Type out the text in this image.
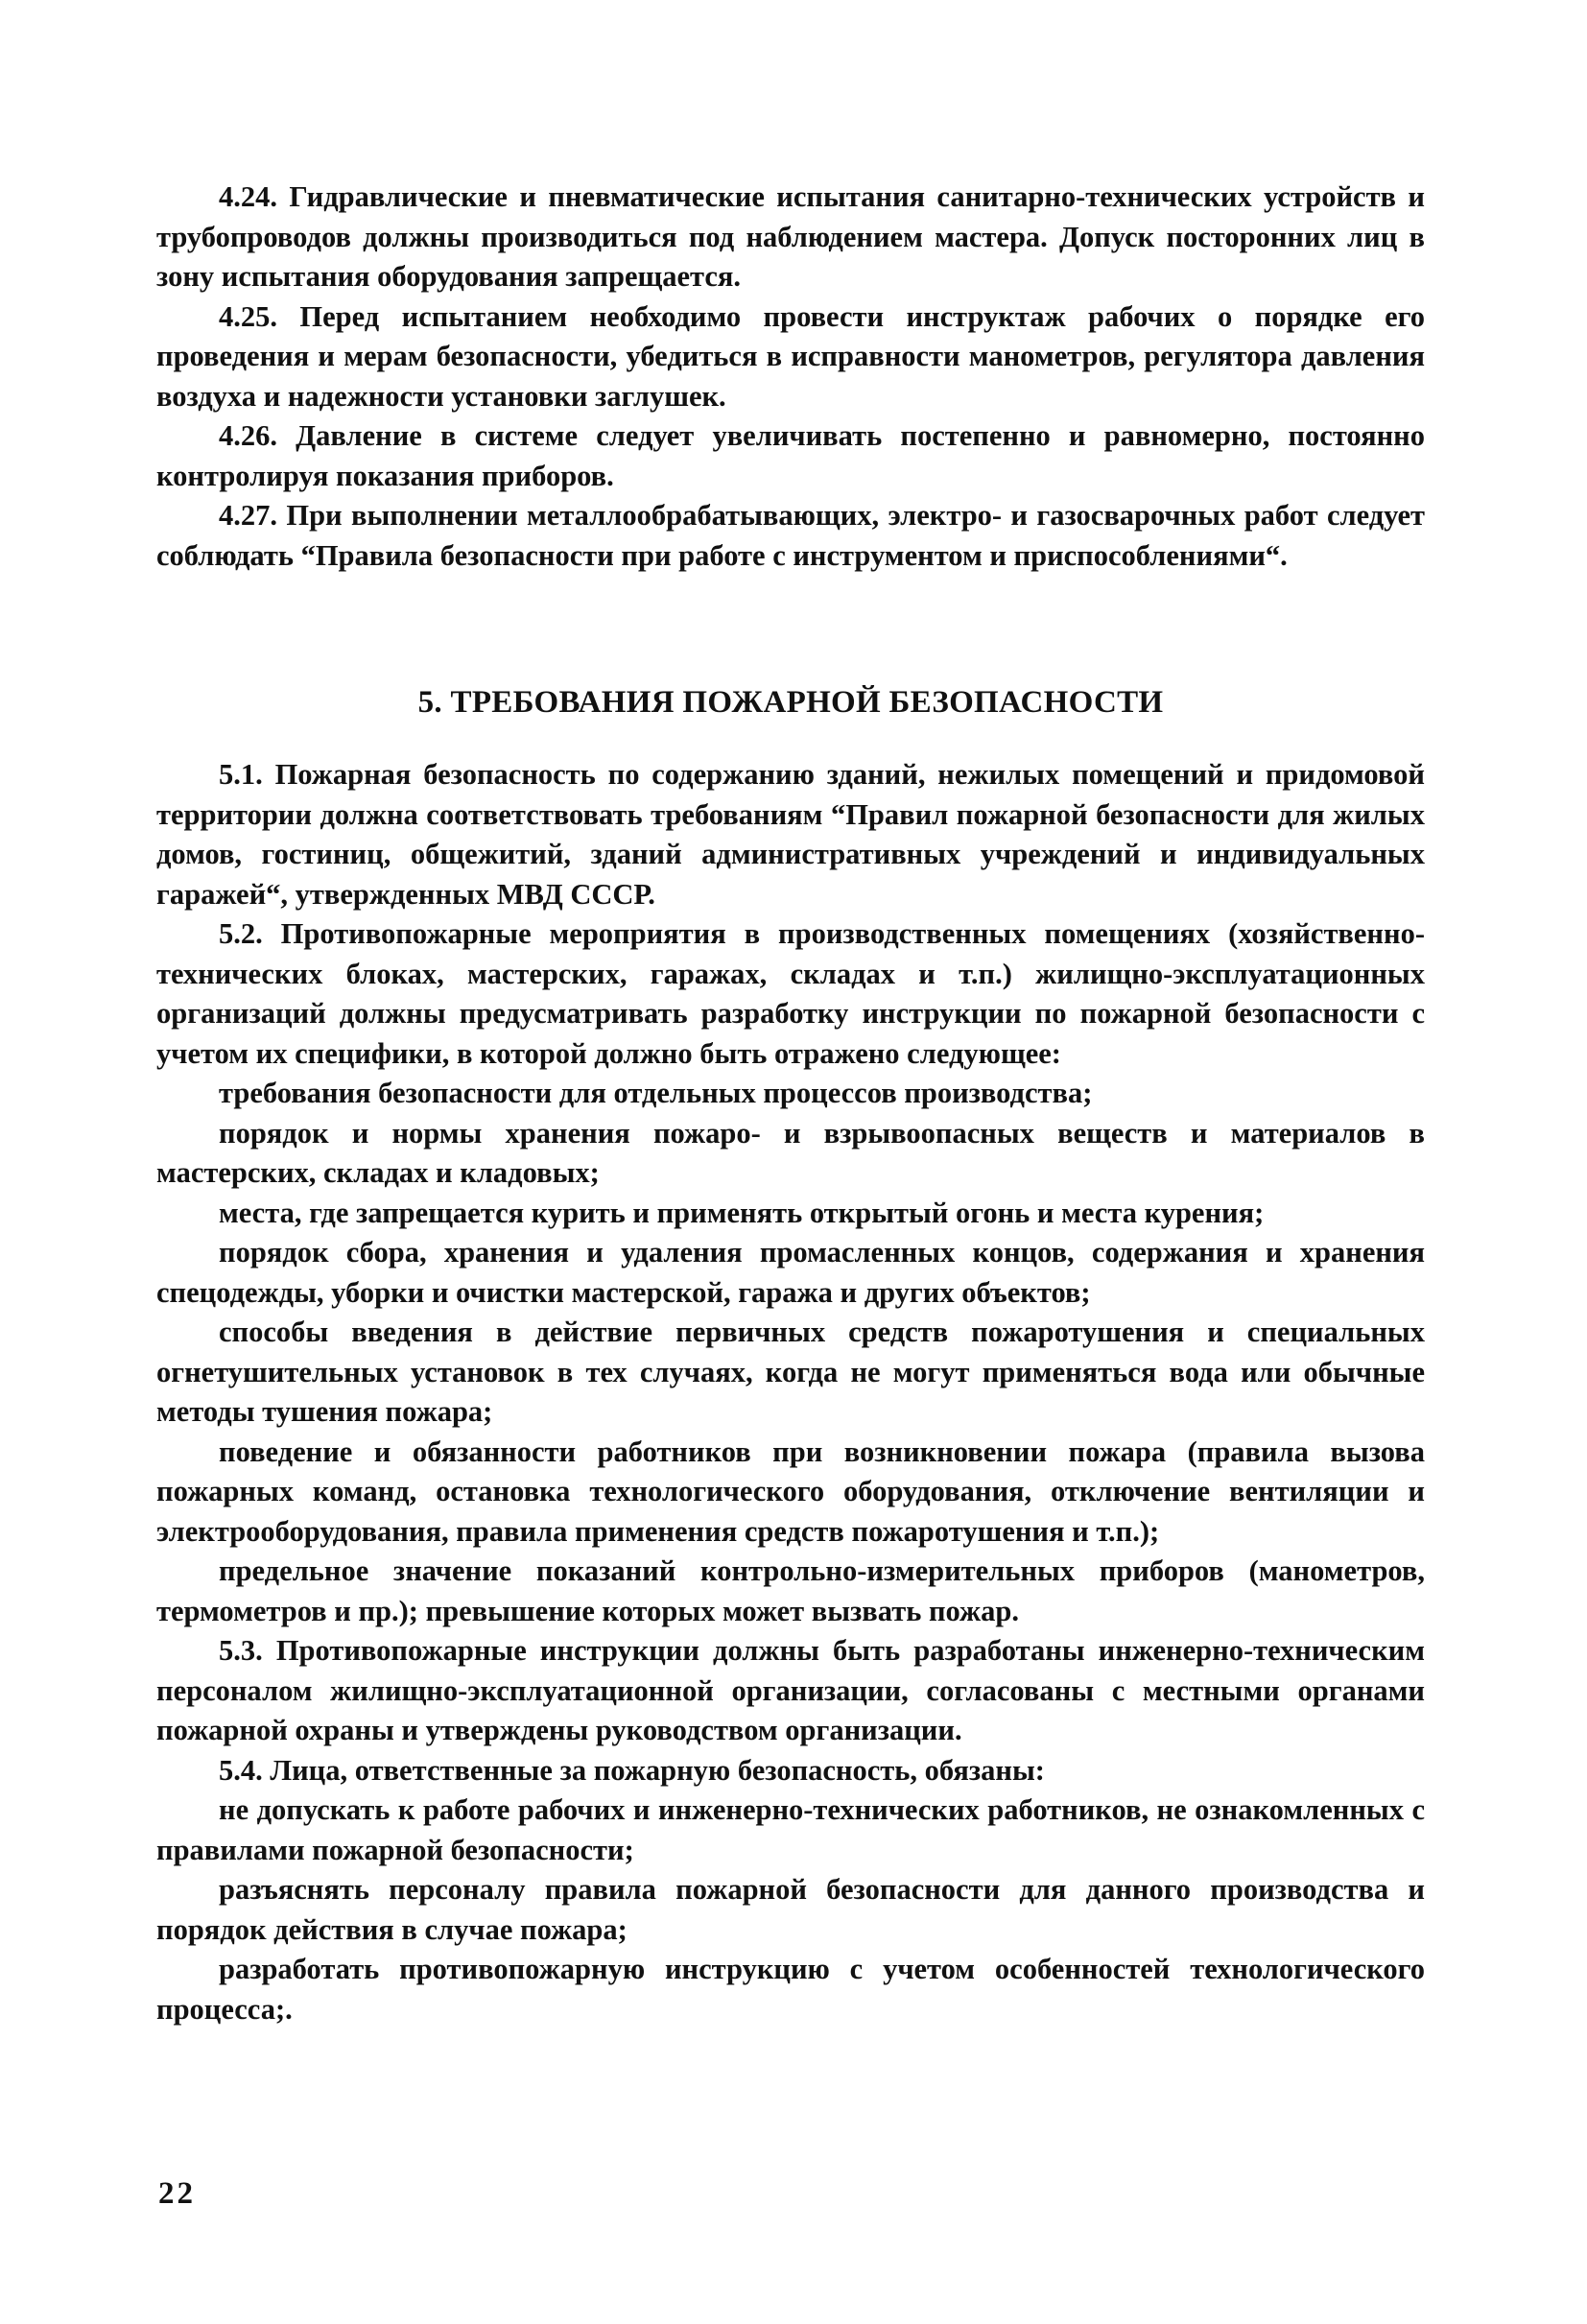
4.24. Гидравлические и пневматические испытания санитарно-технических устройств и трубопроводов должны производиться под наблюдением мастера. Допуск посторонних лиц в зону испытания оборудования запрещается.

4.25. Перед испытанием необходимо провести инструктаж рабочих о порядке его проведения и мерам безопасности, убедиться в исправности манометров, регулятора давления воздуха и надежности установки заглушек.

4.26. Давление в системе следует увеличивать постепенно и равномерно, постоянно контролируя показания приборов.

4.27. При выполнении металлообрабатывающих, электро- и газосварочных работ следует соблюдать “Правила безопасности при работе с инструментом и приспособлениями“.

5. ТРЕБОВАНИЯ ПОЖАРНОЙ БЕЗОПАСНОСТИ

5.1. Пожарная безопасность по содержанию зданий, нежилых помещений и придомовой территории должна соответствовать требованиям “Правил пожарной безопасности для жилых домов, гостиниц, общежитий, зданий административных учреждений и индивидуальных гаражей“, утвержденных МВД СССР.

5.2. Противопожарные мероприятия в производственных помещениях (хозяйственно-технических блоках, мастерских, гаражах, складах и т.п.) жилищно-эксплуатационных организаций должны предусматривать разработку инструкции по пожарной безопасности с учетом их специфики, в которой должно быть отражено следующее:

требования безопасности для отдельных процессов производства;

порядок и нормы хранения пожаро- и взрывоопасных веществ и материалов в мастерских, складах и кладовых;

места, где запрещается курить и применять открытый огонь и места курения;

порядок сбора, хранения и удаления промасленных концов, содержания и хранения спецодежды, уборки и очистки мастерской, гаража и других объектов;

способы введения в действие первичных средств пожаротушения и специальных огнетушительных установок в тех случаях, когда не могут применяться вода или обычные методы тушения пожара;

поведение и обязанности работников при возникновении пожара (правила вызова пожарных команд, остановка технологического оборудования, отключение вентиляции и электрооборудования, правила применения средств пожаротушения и т.п.);

предельное значение показаний контрольно-измерительных приборов (манометров, термометров и пр.); превышение которых может вызвать пожар.

5.3. Противопожарные инструкции должны быть разработаны инженерно-техническим персоналом жилищно-эксплуатационной организации, согласованы с местными органами пожарной охраны и утверждены руководством организации.

5.4. Лица, ответственные за пожарную безопасность, обязаны:

не допускать к работе рабочих и инженерно-технических работников, не ознакомленных с правилами пожарной безопасности;

разъяснять персоналу правила пожарной безопасности для данного производства и порядок действия в случае пожара;

разработать противопожарную инструкцию с учетом особенностей технологического процесса;.

22
